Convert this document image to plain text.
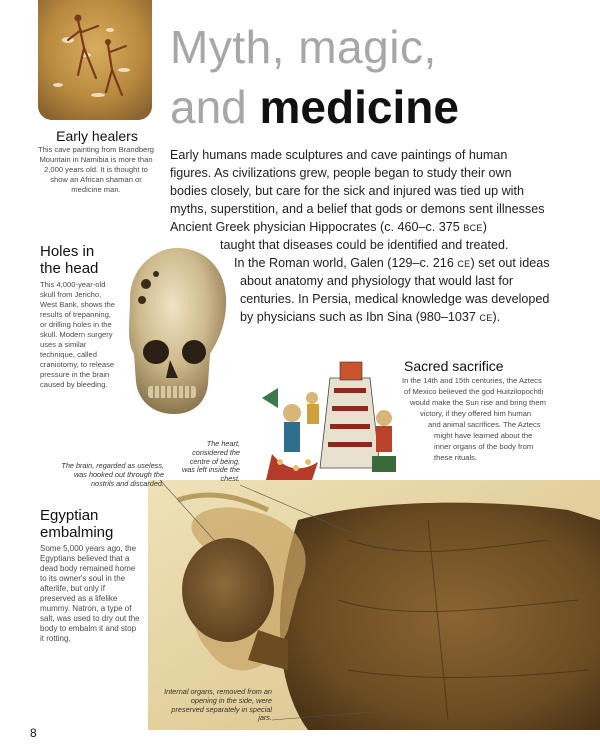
Myth, magic,
and medicine
Early healers
This cave painting from Brandberg Mountain in Namibia is more than 2,000 years old. It is thought to show an African shaman or medicine man.
Early humans made sculptures and cave paintings of human
figures. As civilizations grew, people began to study their own
bodies closely, but care for the sick and injured was tied up with
myths, superstition, and a belief that gods or demons sent illnesses
Ancient Greek physician Hippocrates (c. 460–c. 375 BCE)
taught that diseases could be identified and treated.
In the Roman world, Galen (129–c. 216 CE) set out ideas
about anatomy and physiology that would last for
centuries. In Persia, medical knowledge was developed
by physicians such as Ibn Sina (980–1037 CE).
Holes in
the head
This 4,000-year-old skull from Jericho, West Bank, shows the results of trepanning, or drilling holes in the skull. Modern surgery uses a similar technique, called craniotomy, to release pressure in the brain caused by bleeding.
Sacred sacrifice
In the 14th and 15th centuries, the Aztecs
of Mexico believed the god Huitzilopochtli
would make the Sun rise and bring them
victory, if they offered him human
and animal sacrifices. The Aztecs
might have learned about the
inner organs of the body from
these rituals.
The heart, considered the centre of being, was left inside the chest.
The brain, regarded as useless, was hooked out through the nostrils and discarded.
Internal organs, removed from an opening in the side, were preserved separately in special jars.
Egyptian
embalming
Some 5,000 years ago, the Egyptians believed that a dead body remained home to its owner's soul in the afterlife, but only if preserved as a lifelike mummy. Natron, a type of salt, was used to dry out the body to embalm it and stop it rotting.
8
